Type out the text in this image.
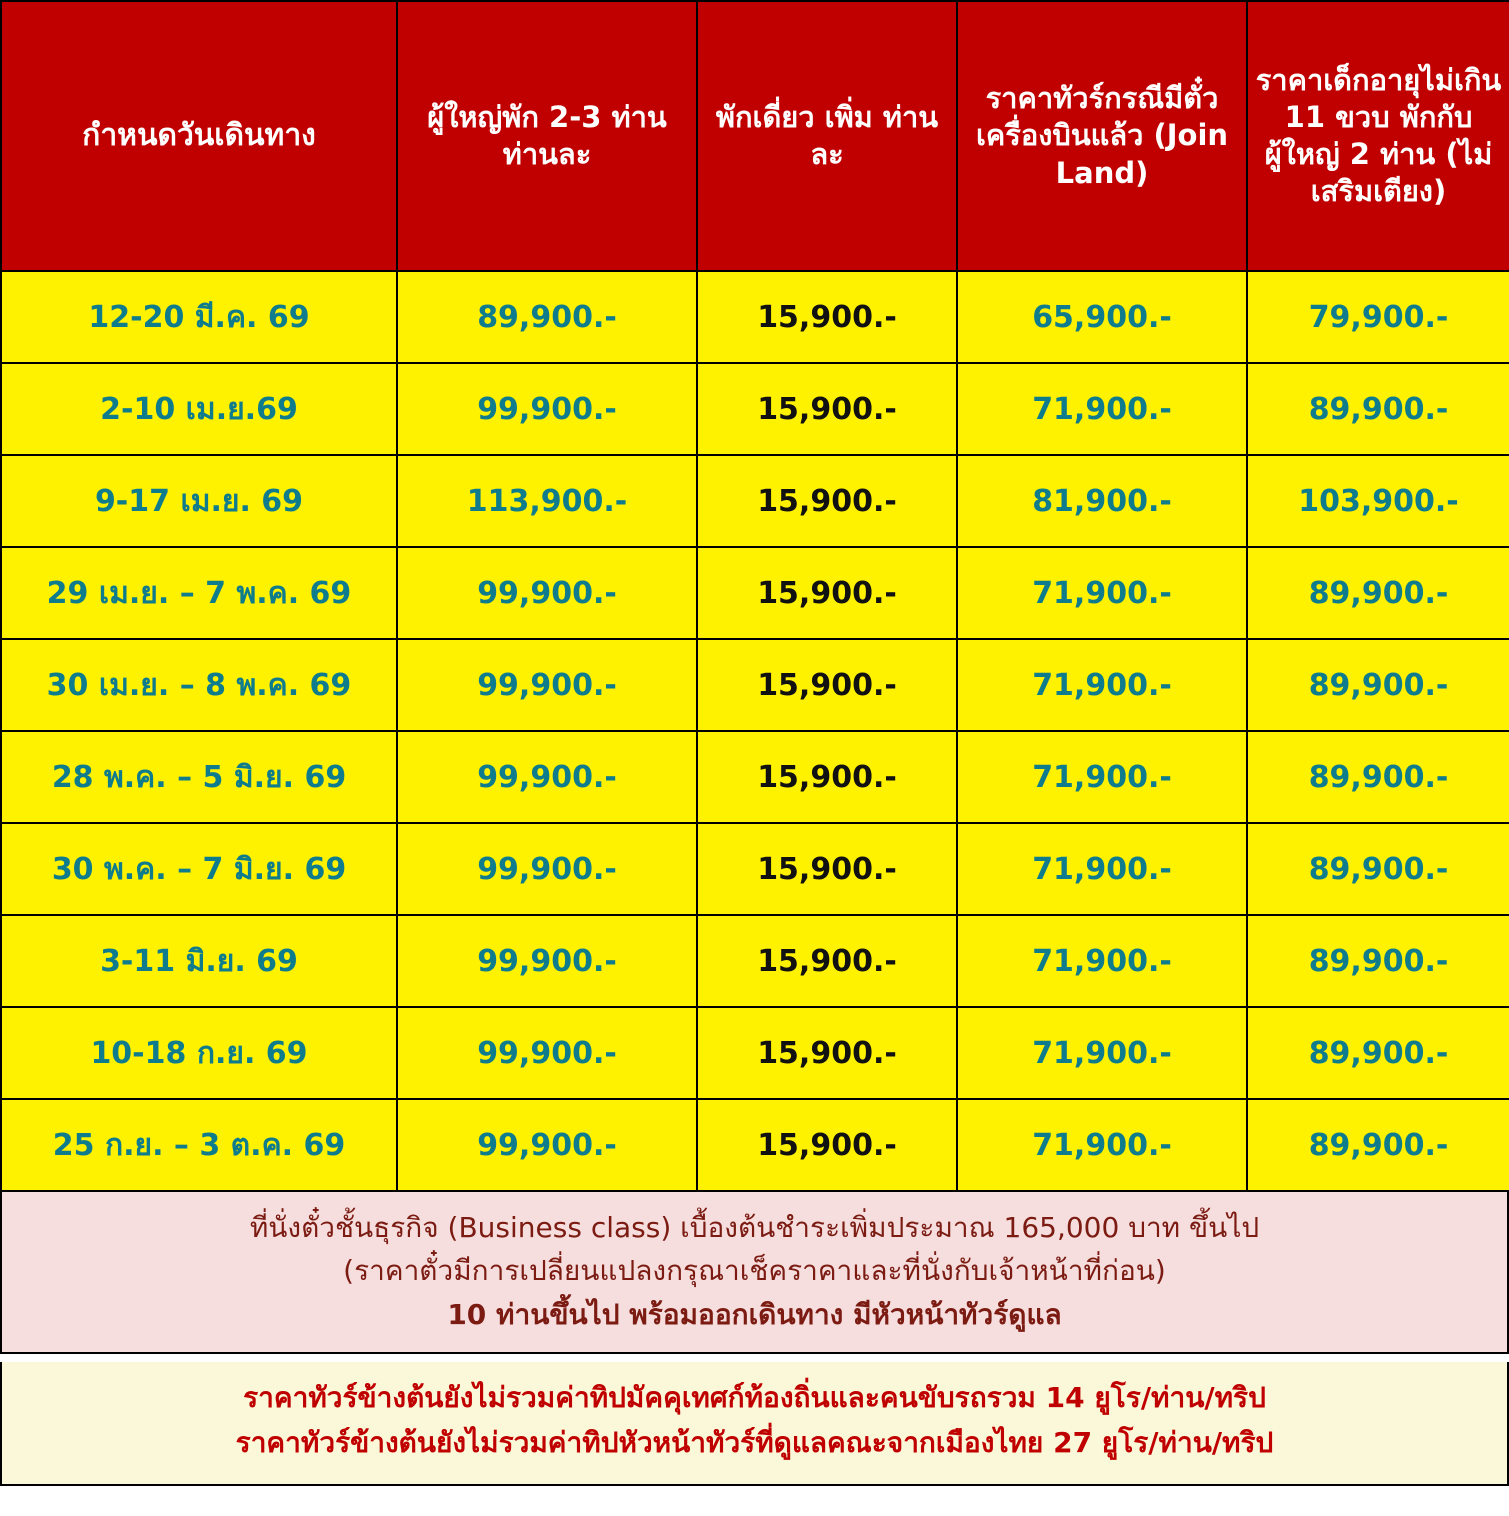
กำหนดวันเดินทาง	ผู้ใหญ่พัก 2-3 ท่าน ท่านละ	พักเดี่ยว เพิ่ม ท่านละ	ราคาทัวร์กรณีมีตั๋วเครื่องบินแล้ว (Join Land)	ราคาเด็กอายุไม่เกิน 11 ขวบ พักกับผู้ใหญ่ 2 ท่าน (ไม่เสริมเตียง)
12-20 มี.ค. 69	89,900.-	15,900.-	65,900.-	79,900.-
2-10 เม.ย.69	99,900.-	15,900.-	71,900.-	89,900.-
9-17 เม.ย. 69	113,900.-	15,900.-	81,900.-	103,900.-
29 เม.ย. – 7 พ.ค. 69	99,900.-	15,900.-	71,900.-	89,900.-
30 เม.ย. – 8 พ.ค. 69	99,900.-	15,900.-	71,900.-	89,900.-
28 พ.ค. – 5 มิ.ย. 69	99,900.-	15,900.-	71,900.-	89,900.-
30 พ.ค. – 7 มิ.ย. 69	99,900.-	15,900.-	71,900.-	89,900.-
3-11 มิ.ย. 69	99,900.-	15,900.-	71,900.-	89,900.-
10-18 ก.ย. 69	99,900.-	15,900.-	71,900.-	89,900.-
25 ก.ย. – 3 ต.ค. 69	99,900.-	15,900.-	71,900.-	89,900.-
ที่นั่งตั๋วชั้นธุรกิจ (Business class) เบื้องต้นชำระเพิ่มประมาณ 165,000 บาท ขึ้นไป
(ราคาตั๋วมีการเปลี่ยนแปลงกรุณาเช็คราคาและที่นั่งกับเจ้าหน้าที่ก่อน)
10 ท่านขึ้นไป พร้อมออกเดินทาง มีหัวหน้าทัวร์ดูแล
ราคาทัวร์ข้างต้นยังไม่รวมค่าทิปมัคคุเทศก์ท้องถิ่นและคนขับรถรวม 14 ยูโร/ท่าน/ทริป
ราคาทัวร์ข้างต้นยังไม่รวมค่าทิปหัวหน้าทัวร์ที่ดูแลคณะจากเมืองไทย 27 ยูโร/ท่าน/ทริป
